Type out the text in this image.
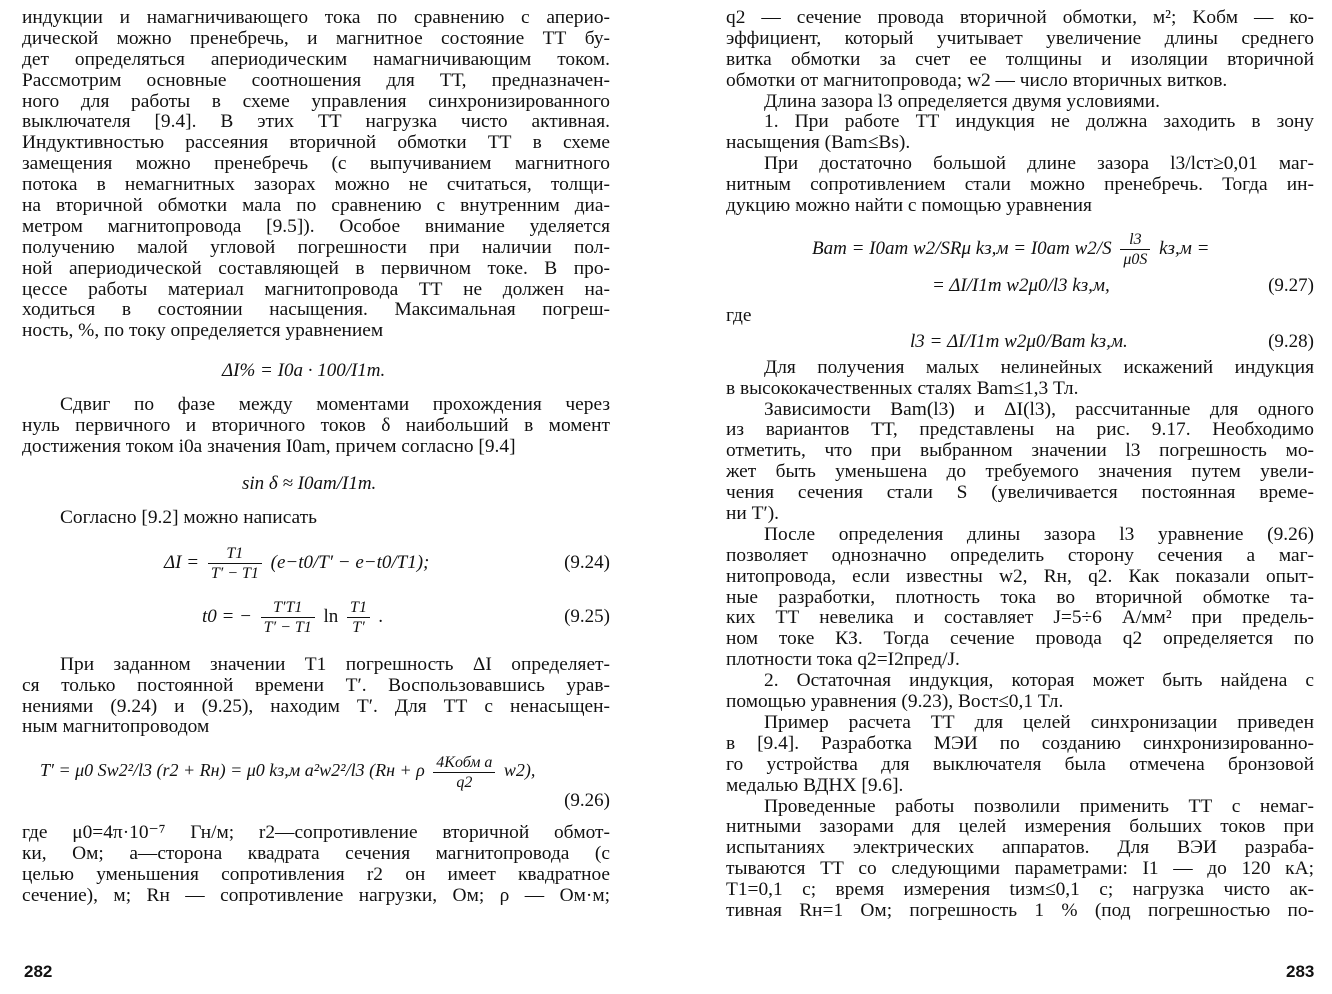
индукции и намагничивающего тока по сравнению с аперио-
дической можно пренебречь, и магнитное состояние ТТ бу-
дет определяться апериодическим намагничивающим током.
Рассмотрим основные соотношения для ТТ, предназначен-
ного для работы в схеме управления синхронизированного
выключателя [9.4]. В этих ТТ нагрузка чисто активная.
Индуктивностью рассеяния вторичной обмотки ТТ в схеме
замещения можно пренебречь (с выпучиванием магнитного
потока в немагнитных зазорах можно не считаться, толщи-
на вторичной обмотки мала по сравнению с внутренним диа-
метром магнитопровода [9.5]). Особое внимание уделяется
получению малой угловой погрешности при наличии пол-
ной апериодической составляющей в первичном токе. В про-
цессе работы материал магнитопровода ТТ не должен на-
ходиться в состоянии насыщения. Максимальная погреш-
ность, %, по току определяется уравнением
ΔI% = I0a · 100/I1m.
Сдвиг по фазе между моментами прохождения через
нуль первичного и вторичного токов δ наибольший в момент
достижения током i0a значения I0am, причем согласно [9.4]
sin δ ≈ I0am/I1m.
Согласно [9.2] можно написать
$\Delta I = \frac{T1}{T' - T1} (e-t0/T' - e-t0/T1)$;	(9.24)
t0 = − $\frac{T'T1}{T' - T1}$ $\ln \frac{T1}{T'}$ .	(9.25)
При заданном значении T1 погрешность ΔI определяет-
ся только постоянной времени T′. Воспользовавшись урав-
нениями (9.24) и (9.25), находим T′. Для ТТ с ненасыщен-
ным магнитопроводом
T′ = μ0 Sw2²/l3 (r2 + Rн) = μ0 kз,м a²w2²/l3 (Rн + ρ $\frac{\text{4Kобм a}}{q2} w2$),
(9.26)
где μ0=4π·10⁻⁷ Гн/м; r2—сопротивление вторичной обмот-
ки, Ом; a—сторона квадрата сечения магнитопровода (с
целью уменьшения сопротивления r2 он имеет квадратное
сечение), м; Rн — сопротивление нагрузки, Ом; ρ — Ом·м;
q2 — сечение провода вторичной обмотки, м²; Kобм — ко-
эффициент, который учитывает увеличение длины среднего
витка обмотки за счет ее толщины и изоляции вторичной
обмотки от магнитопровода; w2 — число вторичных витков.
Длина зазора l3 определяется двумя условиями.
1. При работе ТТ индукция не должна заходить в зону
насыщения (Bam≤Bs).
При достаточно большой длине зазора l3/lст≥0,01 маг-
нитным сопротивлением стали можно пренебречь. Тогда ин-
дукцию можно найти с помощью уравнения
Bam = I0am w2/SRμ kз,м = I0am $w2/S \frac{l3}{\mu 0S} kз,м$ =
= ΔI/I1m w2μ0/l3 kз,м,	(9.27)
где
l3 = ΔI/I1m w2μ0/Bam kз,м.	(9.28)
Для получения малых нелинейных искажений индукция
в высококачественных сталях Bam≤1,3 Тл.
Зависимости Bam(l3) и ΔI(l3), рассчитанные для одного
из вариантов ТТ, представлены на рис. 9.17. Необходимо
отметить, что при выбранном значении l3 погрешность мо-
жет быть уменьшена до требуемого значения путем увели-
чения сечения стали S (увеличивается постоянная време-
ни T′).
После определения длины зазора l3 уравнение (9.26)
позволяет однозначно определить сторону сечения a маг-
нитопровода, если известны w2, Rн, q2. Как показали опыт-
ные разработки, плотность тока во вторичной обмотке та-
ких ТТ невелика и составляет J=5÷6 А/мм² при предель-
ном токе КЗ. Тогда сечение провода q2 определяется по
плотности тока q2=I2пред/J.
2. Остаточная индукция, которая может быть найдена с
помощью уравнения (9.23), Bост≤0,1 Тл.
Пример расчета ТТ для целей синхронизации приведен
в [9.4]. Разработка МЭИ по созданию синхронизированно-
го устройства для выключателя была отмечена бронзовой
медалью ВДНХ [9.6].
Проведенные работы позволили применить ТТ с немаг-
нитными зазорами для целей измерения больших токов при
испытаниях электрических аппаратов. Для ВЭИ разраба-
тываются ТТ со следующими параметрами: I1 — до 120 кА;
T1=0,1 с; время измерения tизм≤0,1 с; нагрузка чисто ак-
тивная Rн=1 Ом; погрешность 1 % (под погрешностью по-
282	283
